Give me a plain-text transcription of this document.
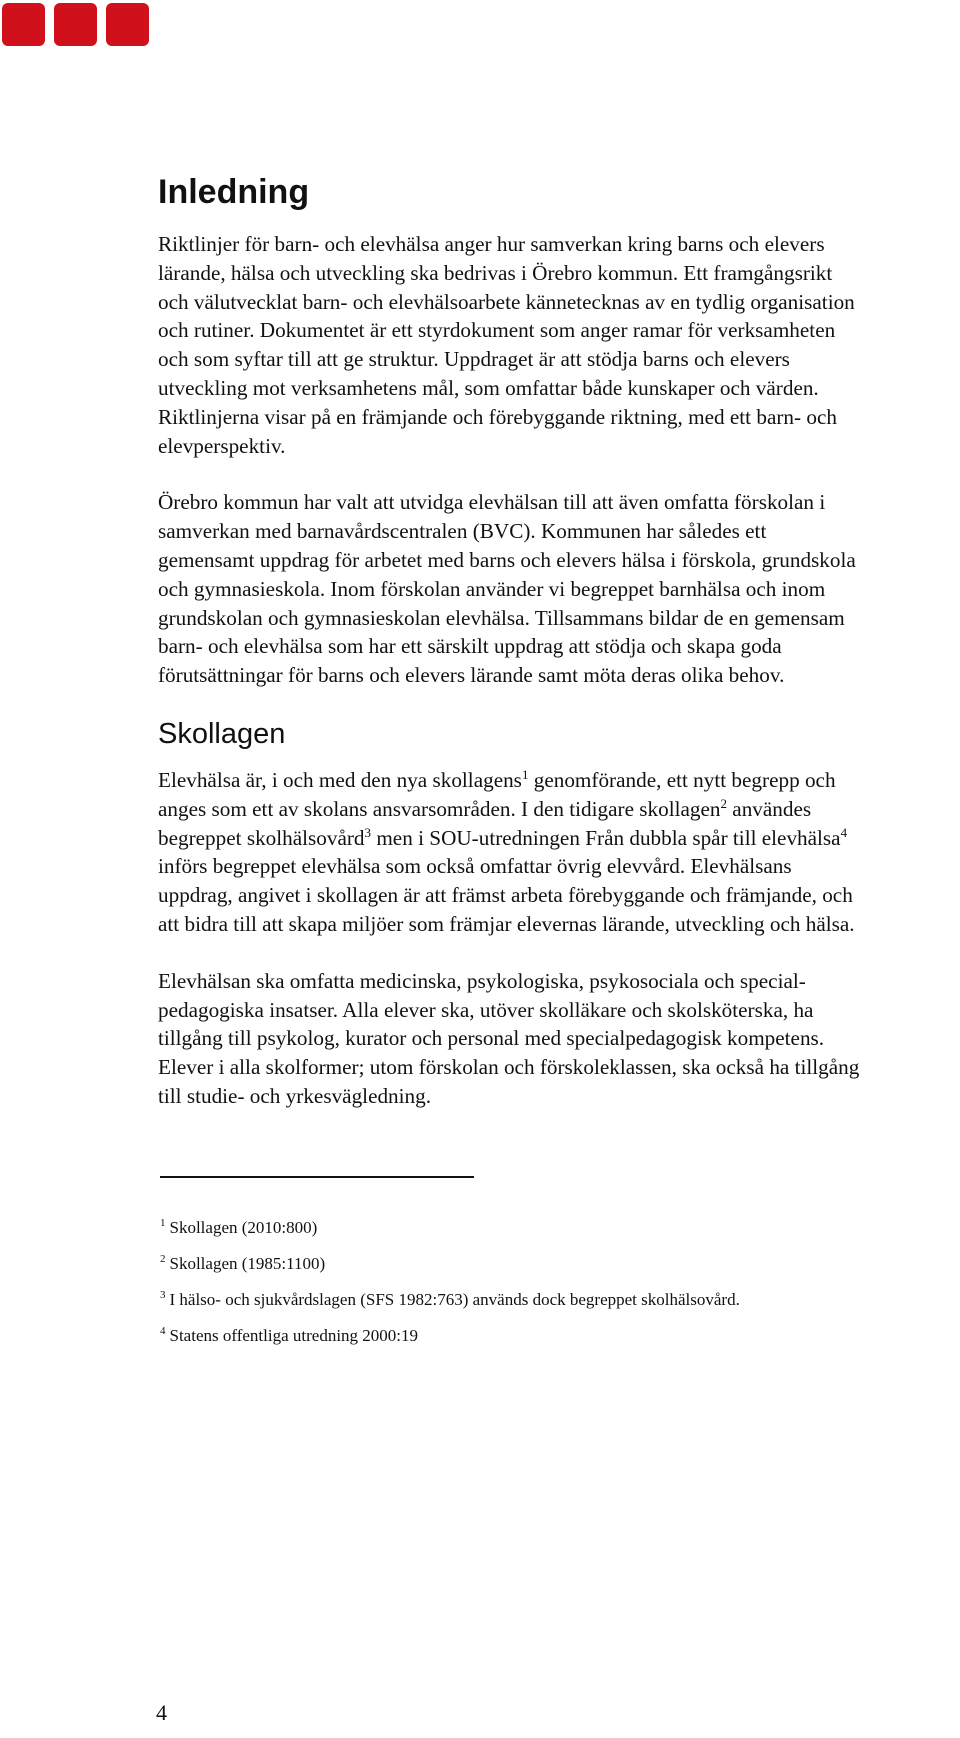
Inledning

Riktlinjer för barn- och elevhälsa anger hur samverkan kring barns och elevers
lärande, hälsa och utveckling ska bedrivas i Örebro kommun. Ett framgångsrikt
och välutvecklat barn- och elevhälsoarbete kännetecknas av en tydlig organisation
och rutiner. Dokumentet är ett styrdokument som anger ramar för verksamheten
och som syftar till att ge struktur. Uppdraget är att stödja barns och elevers
utveckling mot verksamhetens mål, som omfattar både kunskaper och värden.
Riktlinjerna visar på en främjande och förebyggande riktning, med ett barn- och
elevperspektiv.

Örebro kommun har valt att utvidga elevhälsan till att även omfatta förskolan i
samverkan med barnavårdscentralen (BVC). Kommunen har således ett
gemensamt uppdrag för arbetet med barns och elevers hälsa i förskola, grundskola
och gymnasieskola. Inom förskolan använder vi begreppet barnhälsa och inom
grundskolan och gymnasieskolan elevhälsa. Tillsammans bildar de en gemensam
barn- och elevhälsa som har ett särskilt uppdrag att stödja och skapa goda
förutsättningar för barns och elevers lärande samt möta deras olika behov.

Skollagen

Elevhälsa är, i och med den nya skollagens$^1$ genomförande, ett nytt begrepp och
anges som ett av skolans ansvarsområden. I den tidigare skollagen$^2$ användes
begreppet skolhälsovård$^3$ men i SOU-utredningen Från dubbla spår till elevhälsa$^4$
införs begreppet elevhälsa som också omfattar övrig elevvård. Elevhälsans
uppdrag, angivet i skollagen är att främst arbeta förebyggande och främjande, och
att bidra till att skapa miljöer som främjar elevernas lärande, utveckling och hälsa.

Elevhälsan ska omfatta medicinska, psykologiska, psykosociala och special-
pedagogiska insatser. Alla elever ska, utöver skolläkare och skolsköterska, ha
tillgång till psykolog, kurator och personal med specialpedagogisk kompetens.
Elever i alla skolformer; utom förskolan och förskoleklassen, ska också ha tillgång
till studie- och yrkesvägledning.

$^1$ Skollagen (2010:800)
$^2$ Skollagen (1985:1100)
$^3$ I hälso- och sjukvårdslagen (SFS 1982:763) används dock begreppet skolhälsovård.
$^4$ Statens offentliga utredning 2000:19
4
